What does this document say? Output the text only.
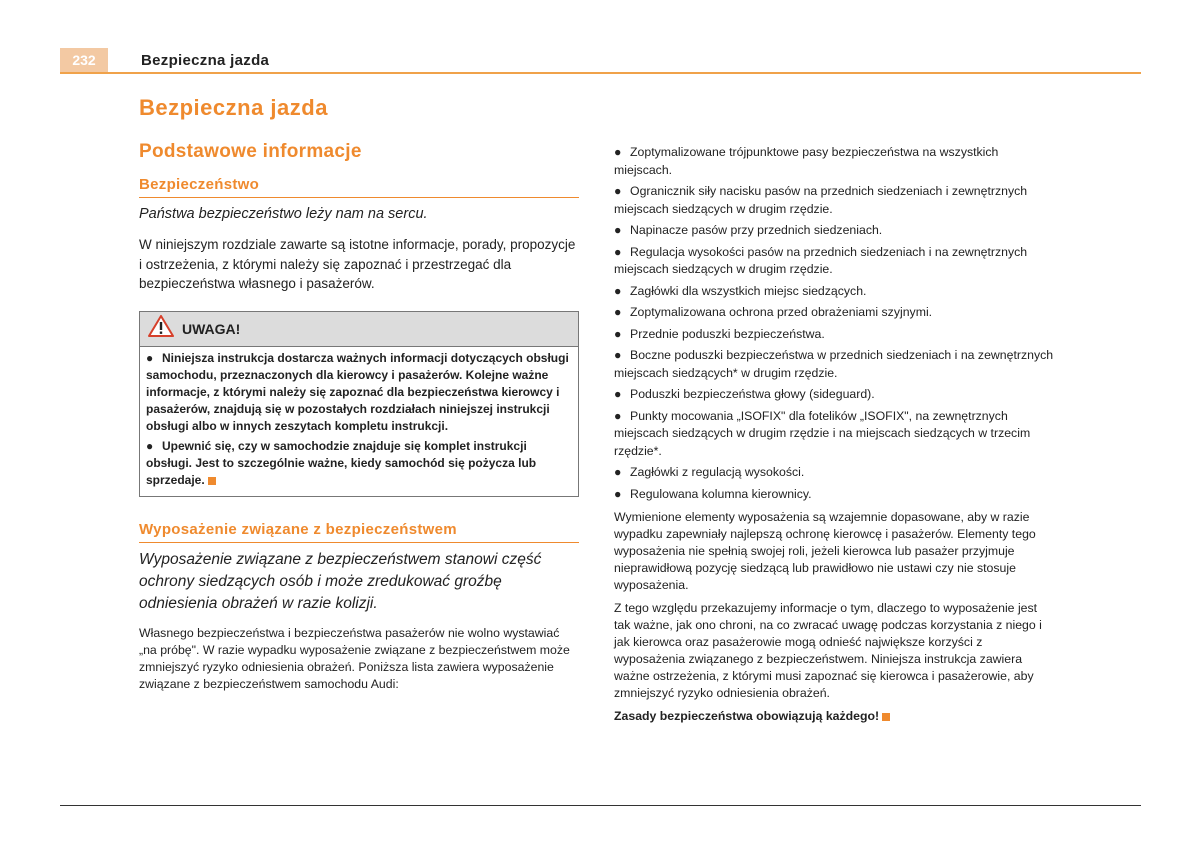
232	Bezpieczna jazda
Bezpieczna jazda
Podstawowe informacje
Bezpieczeństwo

Państwa bezpieczeństwo leży nam na sercu.

W niniejszym rozdziale zawarte są istotne informacje, porady, propozycje i ostrzeżenia, z którymi należy się zapoznać i przestrzegać dla bezpieczeństwa własnego i pasażerów.

UWAGA!

● Niniejsza instrukcja dostarcza ważnych informacji dotyczących obsługi samochodu, przeznaczonych dla kierowcy i pasażerów. Kolejne ważne informacje, z którymi należy się zapoznać dla bezpieczeństwa kierowcy i pasażerów, znajdują się w pozostałych rozdziałach niniejszej instrukcji obsługi albo w innych zeszytach kompletu instrukcji.

● Upewnić się, czy w samochodzie znajduje się komplet instrukcji obsługi. Jest to szczególnie ważne, kiedy samochód się pożycza lub sprzedaje.

Wyposażenie związane z bezpieczeństwem

Wyposażenie związane z bezpieczeństwem stanowi część ochrony siedzących osób i może zredukować groźbę odniesienia obrażeń w razie kolizji.

Własnego bezpieczeństwa i bezpieczeństwa pasażerów nie wolno wystawiać „na próbę". W razie wypadku wyposażenie związane z bezpieczeństwem może zmniejszyć ryzyko odniesienia obrażeń. Poniższa lista zawiera wyposażenie związane z bezpieczeństwem samochodu Audi:

● Zoptymalizowane trójpunktowe pasy bezpieczeństwa na wszystkich miejscach.

● Ogranicznik siły nacisku pasów na przednich siedzeniach i zewnętrznych miejscach siedzących w drugim rzędzie.

● Napinacze pasów przy przednich siedzeniach.

● Regulacja wysokości pasów na przednich siedzeniach i na zewnętrznych miejscach siedzących w drugim rzędzie.

● Zagłówki dla wszystkich miejsc siedzących.

● Zoptymalizowana ochrona przed obrażeniami szyjnymi.

● Przednie poduszki bezpieczeństwa.

● Boczne poduszki bezpieczeństwa w przednich siedzeniach i na zewnętrznych miejscach siedzących* w drugim rzędzie.

● Poduszki bezpieczeństwa głowy (sideguard).

● Punkty mocowania „ISOFIX" dla fotelików „ISOFIX", na zewnętrznych miejscach siedzących w drugim rzędzie i na miejscach siedzących w trzecim rzędzie*.

● Zagłówki z regulacją wysokości.

● Regulowana kolumna kierownicy.

Wymienione elementy wyposażenia są wzajemnie dopasowane, aby w razie wypadku zapewniały najlepszą ochronę kierowcę i pasażerów. Elementy tego wyposażenia nie spełnią swojej roli, jeżeli kierowca lub pasażer przyjmuje nieprawidłową pozycję siedzącą lub prawidłowo nie ustawi czy nie stosuje wyposażenia.

Z tego względu przekazujemy informacje o tym, dlaczego to wyposażenie jest tak ważne, jak ono chroni, na co zwracać uwagę podczas korzystania z niego i jak kierowca oraz pasażerowie mogą odnieść największe korzyści z wyposażenia związanego z bezpieczeństwem. Niniejsza instrukcja zawiera ważne ostrzeżenia, z którymi musi zapoznać się kierowca i pasażerowie, aby zmniejszyć ryzyko odniesienia obrażeń.

Zasady bezpieczeństwa obowiązują każdego!
